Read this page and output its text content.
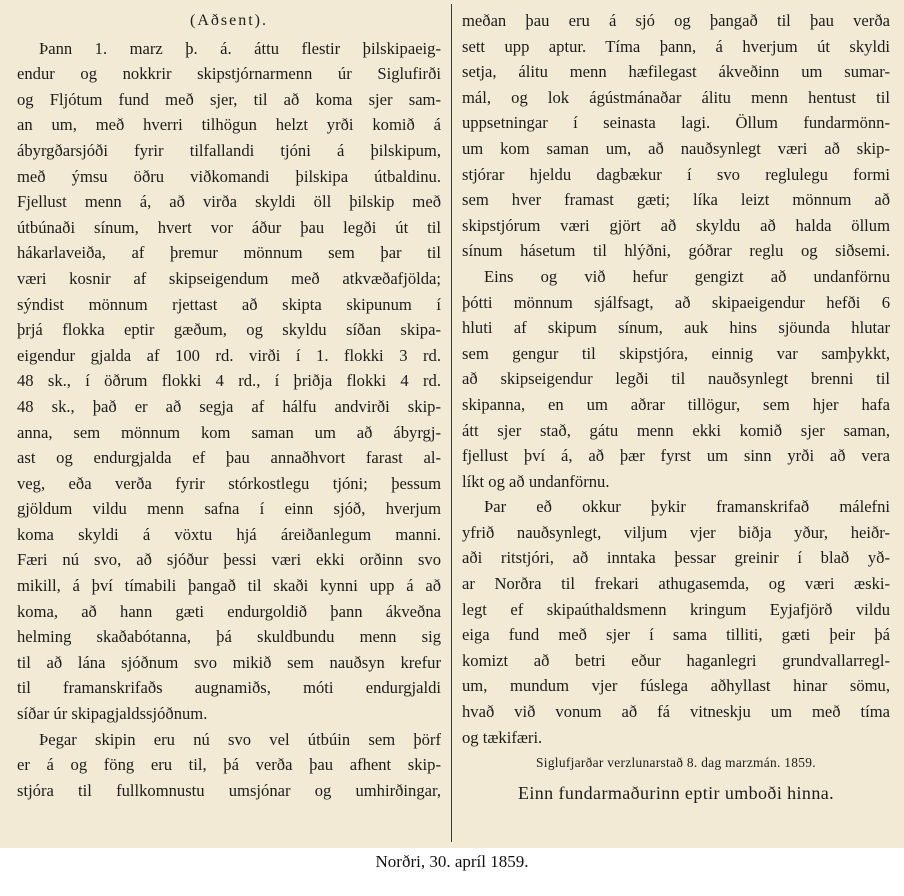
(Aðsent).
Þann 1. marz þ. á. áttu flestir þilskipaeig-
endur og nokkrir skipstjórnarmenn úr Siglufirði
og Fljótum fund með sjer, til að koma sjer sam-
an um, með hverri tilhögun helzt yrði komið á
ábyrgðarsjóði fyrir tilfallandi tjóni á þilskipum,
með ýmsu öðru viðkomandi þilskipa útbaldinu.
Fjellust menn á, að virða skyldi öll þilskip með
útbúnaði sínum, hvert vor áður þau legði út til
hákarlaveiða, af þremur mönnum sem þar til
væri kosnir af skipseigendum með atkvæðafjölda;
sýndist mönnum rjettast að skipta skipunum í
þrjá flokka eptir gæðum, og skyldu síðan skipa-
eigendur gjalda af 100 rd. virði í 1. flokki 3 rd.
48 sk., í öðrum flokki 4 rd., í þriðja flokki 4 rd.
48 sk., það er að segja af hálfu andvirði skip-
anna, sem mönnum kom saman um að ábyrgj-
ast og endurgjalda ef þau annaðhvort farast al-
veg, eða verða fyrir stórkostlegu tjóni; þessum
gjöldum vildu menn safna í einn sjóð, hverjum
koma skyldi á vöxtu hjá áreiðanlegum manni.
Færi nú svo, að sjóður þessi væri ekki orðinn svo
mikill, á því tímabili þangað til skaði kynni upp á að
koma, að hann gæti endurgoldið þann ákveðna
helming skaðabótanna, þá skuldbundu menn sig
til að lána sjóðnum svo mikið sem nauðsyn krefur
til framanskrifaðs augnamiðs, móti endurgjaldi
síðar úr skipagjaldssjóðnum.
Þegar skipin eru nú svo vel útbúin sem þörf
er á og föng eru til, þá verða þau afhent skip-
stjóra til fullkomnustu umsjónar og umhirðingar,
meðan þau eru á sjó og þangað til þau verða
sett upp aptur. Tíma þann, á hverjum út skyldi
setja, álitu menn hæfilegast ákveðinn um sumar-
mál, og lok ágústmánaðar álitu menn hentust til
uppsetningar í seinasta lagi. Öllum fundarmönn-
um kom saman um, að nauðsynlegt væri að skip-
stjórar hjeldu dagbækur í svo reglulegu formi
sem hver framast gæti; líka leizt mönnum að
skipstjórum væri gjört að skyldu að halda öllum
sínum hásetum til hlýðni, góðrar reglu og siðsemi.
Eins og við hefur gengizt að undanförnu
þótti mönnum sjálfsagt, að skipaeigendur hefði 6
hluti af skipum sínum, auk hins sjöunda hlutar
sem gengur til skipstjóra, einnig var samþykkt,
að skipseigendur legði til nauðsynlegt brenni til
skipanna, en um aðrar tillögur, sem hjer hafa
átt sjer stað, gátu menn ekki komið sjer saman,
fjellust því á, að þær fyrst um sinn yrði að vera
líkt og að undanförnu.
Þar eð okkur þykir framanskrifað málefni
yfrið nauðsynlegt, viljum vjer biðja yður, heiðr-
aði ritstjóri, að inntaka þessar greinir í blað yð-
ar Norðra til frekari athugasemda, og væri æski-
legt ef skipaúthaldsmenn kringum Eyjafjörð vildu
eiga fund með sjer í sama tilliti, gæti þeir þá
komizt að betri eður haganlegri grundvallarregl-
um, mundum vjer fúslega aðhyllast hinar sömu,
hvað við vonum að fá vitneskju um með tíma
og tækifæri.
Siglufjarðar verzlunarstað 8. dag marzmán. 1859.
Einn fundarmaðurinn eptir umboði hinna.
Norðri, 30. apríl 1859.
